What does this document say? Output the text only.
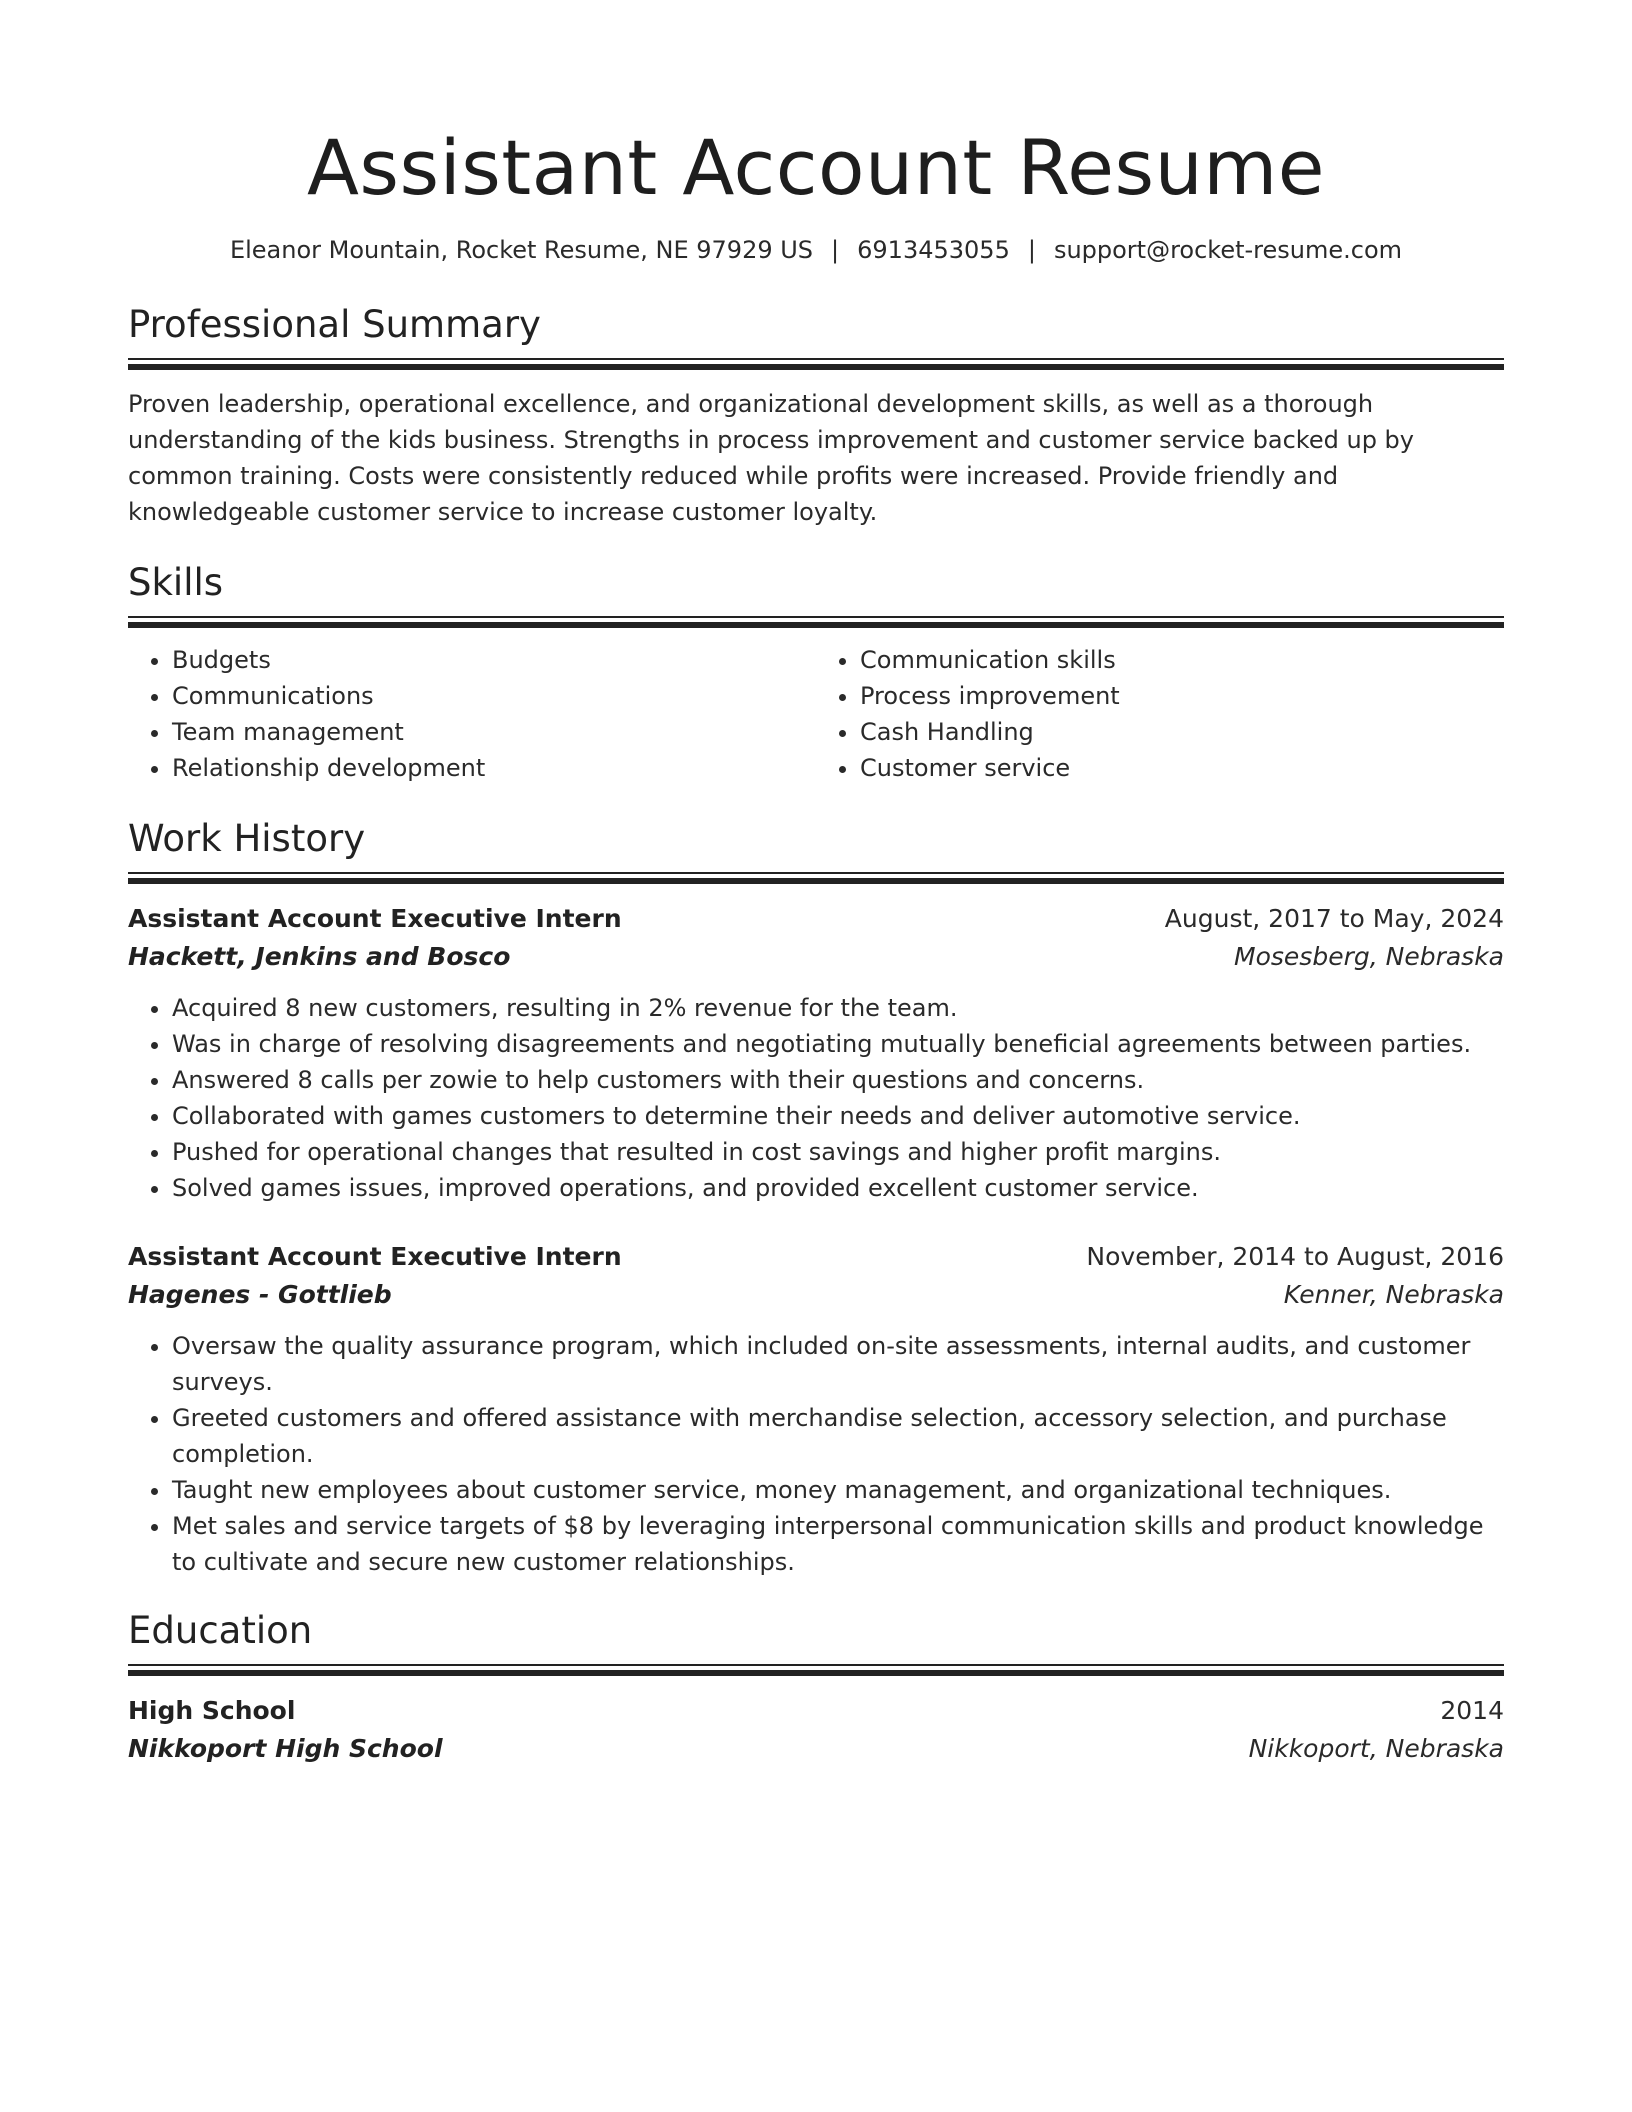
Assistant Account Resume
Eleanor Mountain, Rocket Resume, NE 97929 US | 6913453055 | support@rocket-resume.com
Professional Summary

Proven leadership, operational excellence, and organizational development skills, as well as a thorough understanding of the kids business. Strengths in process improvement and customer service backed up by common training. Costs were consistently reduced while profits were increased. Provide friendly and knowledgeable customer service to increase customer loyalty.

Skills
• Budgets
• Communications
• Team management
• Relationship development
• Communication skills
• Process improvement
• Cash Handling
• Customer service
Work History
Assistant Account Executive Intern	August, 2017 to May, 2024
Hackett, Jenkins and Bosco	Mosesberg, Nebraska
• Acquired 8 new customers, resulting in 2% revenue for the team.
• Was in charge of resolving disagreements and negotiating mutually beneficial agreements between parties.
• Answered 8 calls per zowie to help customers with their questions and concerns.
• Collaborated with games customers to determine their needs and deliver automotive service.
• Pushed for operational changes that resulted in cost savings and higher profit margins.
• Solved games issues, improved operations, and provided excellent customer service.
Assistant Account Executive Intern	November, 2014 to August, 2016
Hagenes - Gottlieb	Kenner, Nebraska
• Oversaw the quality assurance program, which included on-site assessments, internal audits, and customer surveys.
• Greeted customers and offered assistance with merchandise selection, accessory selection, and purchase completion.
• Taught new employees about customer service, money management, and organizational techniques.
• Met sales and service targets of $8 by leveraging interpersonal communication skills and product knowledge to cultivate and secure new customer relationships.
Education
High School	2014
Nikkoport High School	Nikkoport, Nebraska
